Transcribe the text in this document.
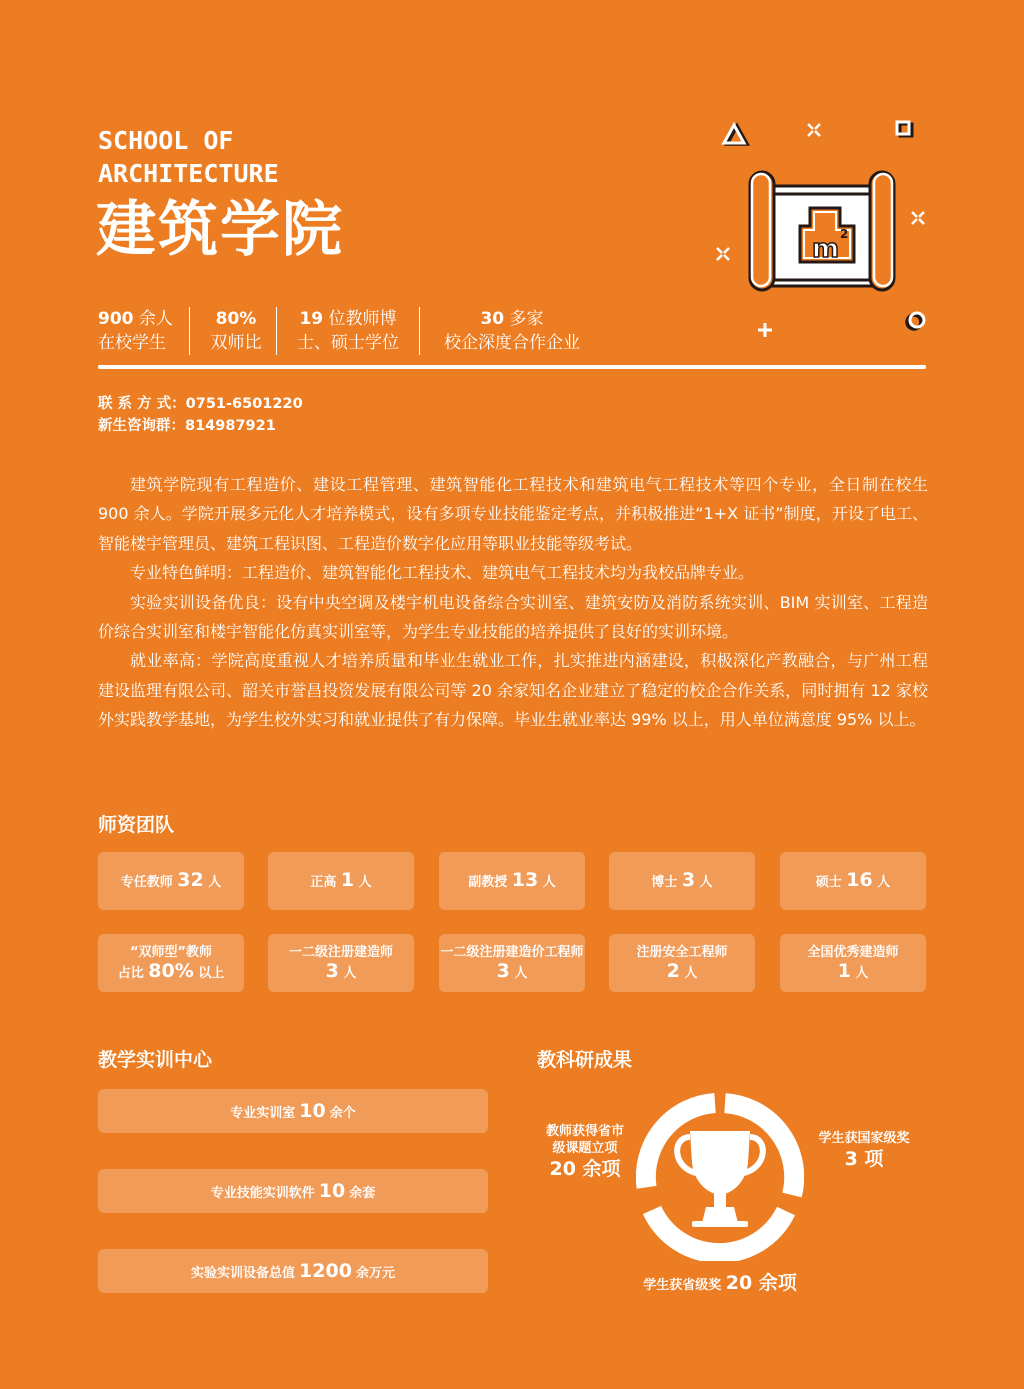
SCHOOL OF
ARCHITECTURE
建筑学院	m 2
900 余人
在校学生
80%
双师比
19 位教师博
士、硕士学位
30 多家
校企深度合作企业
联 系 方 式：0751-6501220
新生咨询群：814987921

建筑学院现有工程造价、建设工程管理、建筑智能化工程技术和建筑电气工程技术等四个专业，全日制在校生 900 余人。学院开展多元化人才培养模式，设有多项专业技能鉴定考点，并积极推进“1+X 证书”制度，开设了电工、智能楼宇管理员、建筑工程识图、工程造价数字化应用等职业技能等级考试。

专业特色鲜明：工程造价、建筑智能化工程技术、建筑电气工程技术均为我校品牌专业。

实验实训设备优良：设有中央空调及楼宇机电设备综合实训室、建筑安防及消防系统实训、BIM 实训室、工程造价综合实训室和楼宇智能化仿真实训室等，为学生专业技能的培养提供了良好的实训环境。

就业率高：学院高度重视人才培养质量和毕业生就业工作，扎实推进内涵建设，积极深化产教融合，与广州工程建设监理有限公司、韶关市誉昌投资发展有限公司等 20 余家知名企业建立了稳定的校企合作关系，同时拥有 12 家校外实践教学基地，为学生校外实习和就业提供了有力保障。毕业生就业率达 99% 以上，用人单位满意度 95% 以上。

师资团队
专任教师 32 人	正高 1 人	副教授 13 人	博士 3 人	硕士 16 人
“双师型”教师
占比 80% 以上
一二级注册建造师
3 人
一二级注册建造价工程师
3 人
注册安全工程师
2 人
全国优秀建造师
1 人
教学实训中心
专业实训室 10 余个
专业技能实训软件 10 余套
实验实训设备总值 1200 余万元
教科研成果
教师获得省市
级课题立项
20 余项
学生获国家级奖
3 项
学生获省级奖 20 余项
